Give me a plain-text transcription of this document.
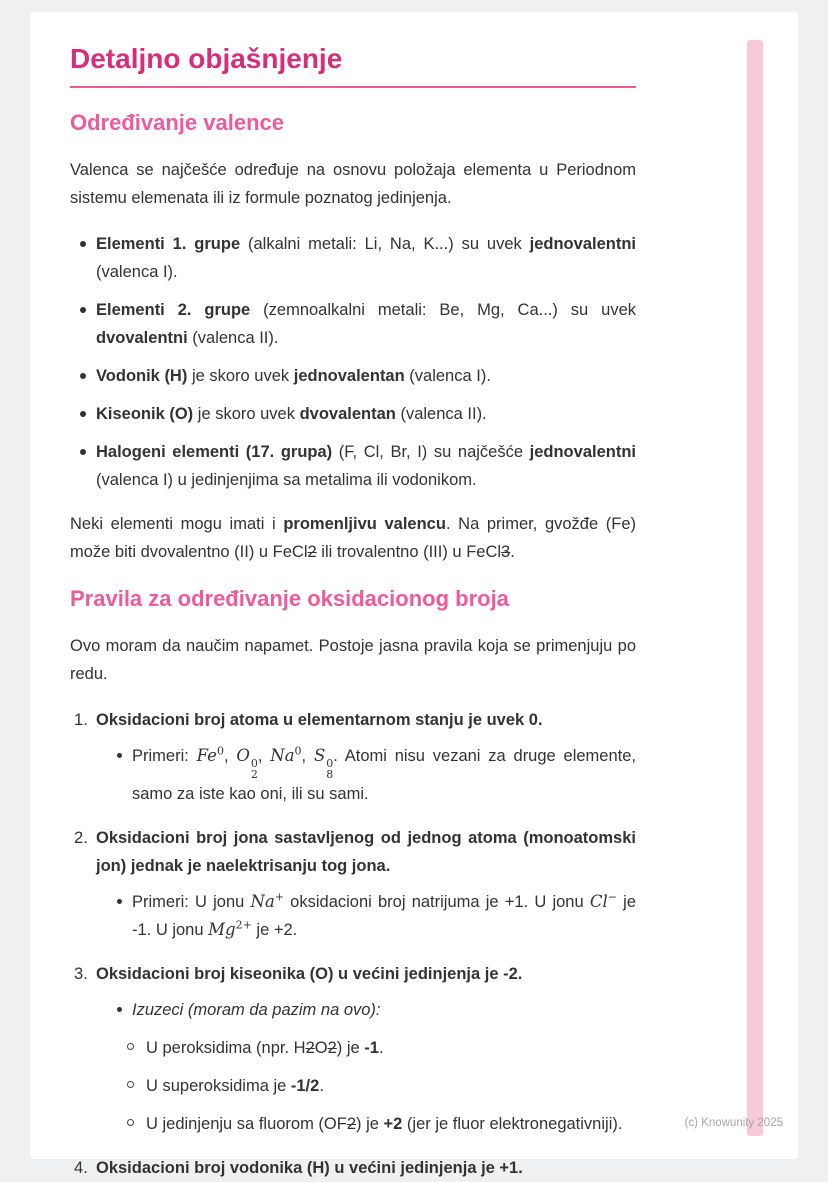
Detaljno objašnjenje
Određivanje valence

Valenca se najčešće određuje na osnovu položaja elementa u Periodnom sistemu elemenata ili iz formule poznatog jedinjenja.

Elementi 1. grupe (alkalni metali: Li, Na, K...) su uvek jednovalentni (valenca I).
Elementi 2. grupe (zemnoalkalni metali: Be, Mg, Ca...) su uvek dvovalentni (valenca II).
Vodonik (H) je skoro uvek jednovalentan (valenca I).
Kiseonik (O) je skoro uvek dvovalentan (valenca II).
Halogeni elementi (17. grupa) (F, Cl, Br, I) su najčešće jednovalentni (valenca I) u jedinjenjima sa metalima ili vodonikom.

Neki elementi mogu imati i promenljivu valencu. Na primer, gvožđe (Fe) može biti dvovalentno (II) u FeCl2 ili trovalentno (III) u FeCl3.

Pravila za određivanje oksidacionog broja

Ovo moram da naučim napamet. Postoje jasna pravila koja se primenjuju po redu.

Oksidacioni broj atoma u elementarnom stanju je uvek 0.
Primeri: Fe$^0$, O 0
2
, Na$^0$, S 0
8
. Atomi nisu vezani za druge elemente, samo za iste kao oni, ili su sami.
Oksidacioni broj jona sastavljenog od jednog atoma (monoatomski jon) jednak je naelektrisanju tog jona.
Primeri: U jonu Na+ oksidacioni broj natrijuma je +1. U jonu Cl− je -1. U jonu $Mg^{2+}$ je +2.
Oksidacioni broj kiseonika (O) u većini jedinjenja je -2.
Izuzeci (moram da pazim na ovo):
U peroksidima (npr. H2O2) je -1.
U superoksidima je -1/2.
U jedinjenju sa fluorom (OF2) je +2 (jer je fluor elektronegativniji).
Oksidacioni broj vodonika (H) u većini jedinjenja je +1.
(c) Knowunity 2025
